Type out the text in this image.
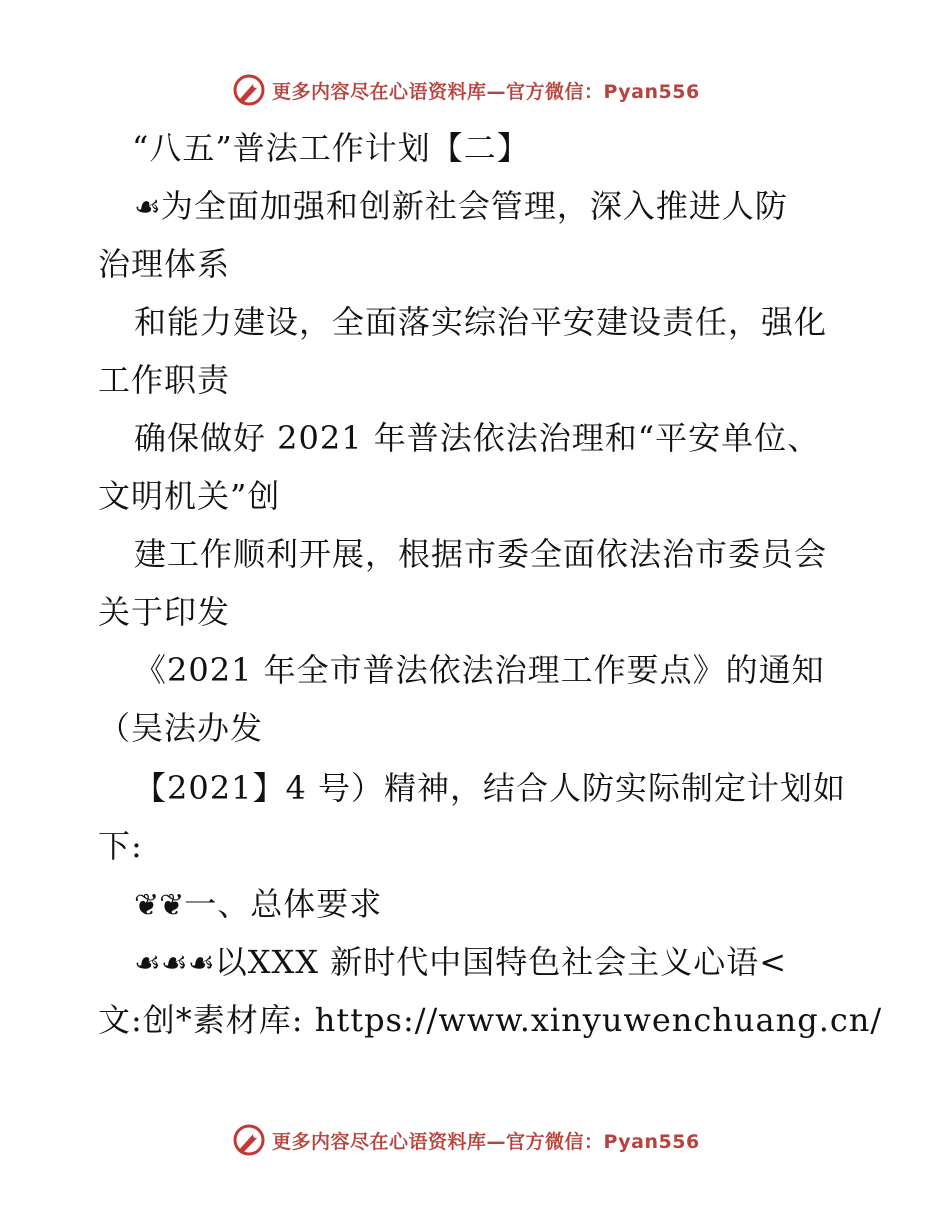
更多内容尽在心语资料库—官方微信：Pyan556
“八五”普法工作计划【二】
☙为全面加强和创新社会管理，深入推进人防
治理体系
和能力建设，全面落实综治平安建设责任，强化
工作职责
确保做好 2021 年普法依法治理和“平安单位、
文明机关”创
建工作顺利开展，根据市委全面依法治市委员会
关于印发
《2021 年全市普法依法治理工作要点》的通知
（吴法办发
【2021】4 号）精神，结合人防实际制定计划如
下:
❦❦一、总体要求
☙☙☙以XXX 新时代中国特色社会主义心语<
文:创*素材库: https://www.xinyuwenchuang.cn/
更多内容尽在心语资料库—官方微信：Pyan556
